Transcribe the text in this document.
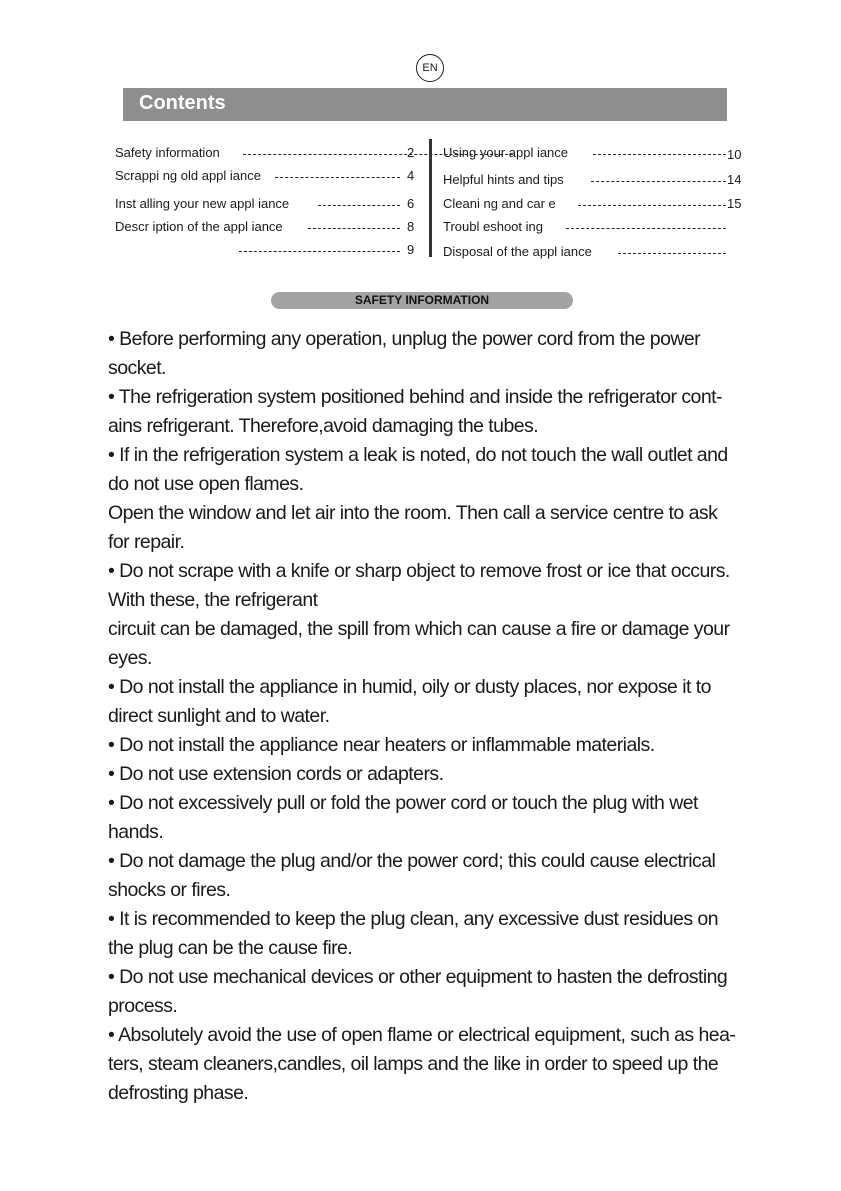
EN
Contents
Safety information	2
Scrappi ng old appl iance	4
Inst alling your new appl iance	6
Descr iption of the appl iance	8
9
Using your appl iance	10
Helpful hints and tips	14
Cleani ng and car e	15
Troubl eshoot ing
Disposal of the appl iance
SAFETY INFORMATION
• Before performing any operation, unplug the power cord from the power
socket.
• The refrigeration system positioned behind and inside the refrigerator cont-
ains refrigerant. Therefore,avoid damaging the tubes.
• If in the refrigeration system a leak is noted, do not touch the wall outlet and
do not use open flames.
Open the window and let air into the room. Then call a service centre to ask
for repair.
• Do not scrape with a knife or sharp object to remove frost or ice that occurs.
With these, the refrigerant
circuit can be damaged, the spill from which can cause a fire or damage your
eyes.
• Do not install the appliance in humid, oily or dusty places, nor expose it to
direct sunlight and to water.
• Do not install the appliance near heaters or inflammable materials.
• Do not use extension cords or adapters.
• Do not excessively pull or fold the power cord or touch the plug with wet
hands.
• Do not damage the plug and/or the power cord; this could cause electrical
shocks or fires.
• It is recommended to keep the plug clean, any excessive dust residues on
the plug can be the cause fire.
• Do not use mechanical devices or other equipment to hasten the defrosting
process.
• Absolutely avoid the use of open flame or electrical equipment, such as hea-
ters, steam cleaners,candles, oil lamps and the like in order to speed up the
defrosting phase.
